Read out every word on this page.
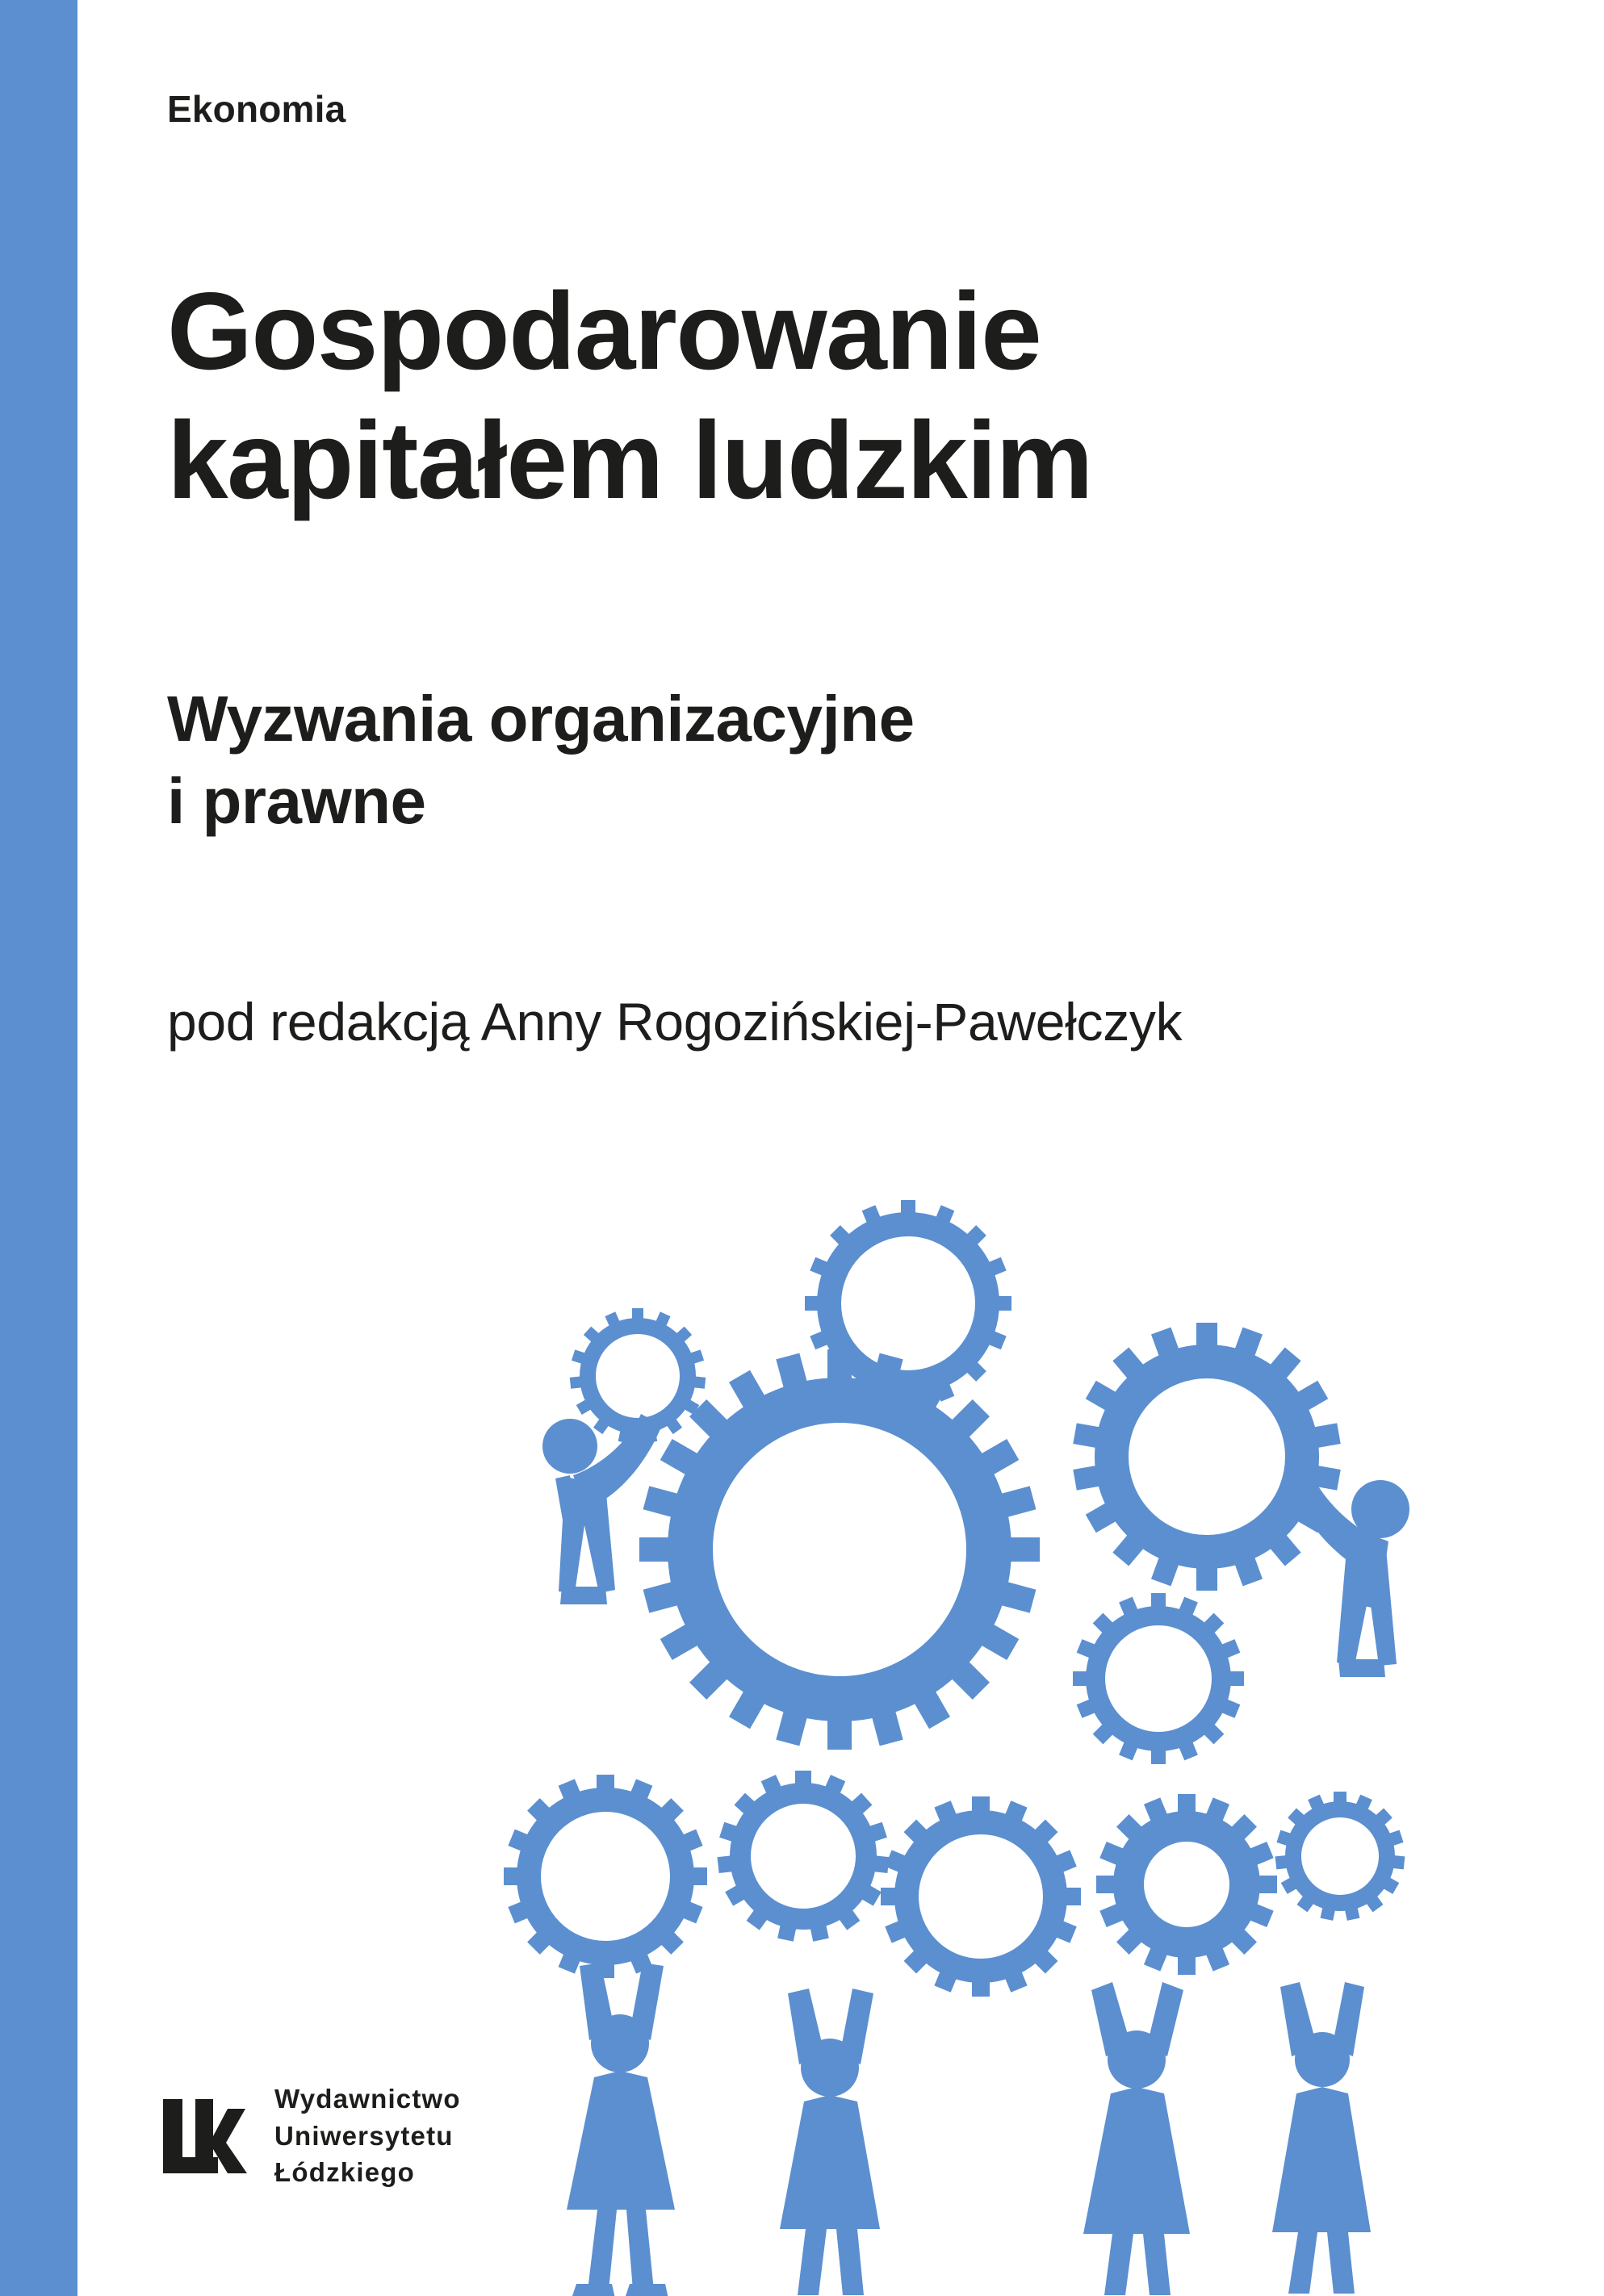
Ekonomia
Gospodarowanie
kapitałem ludzkim
Wyzwania organizacyjne
i prawne
pod redakcją Anny Rogozińskiej-Pawełczyk
Wydawnictwo
Uniwersytetu
Łódzkiego
